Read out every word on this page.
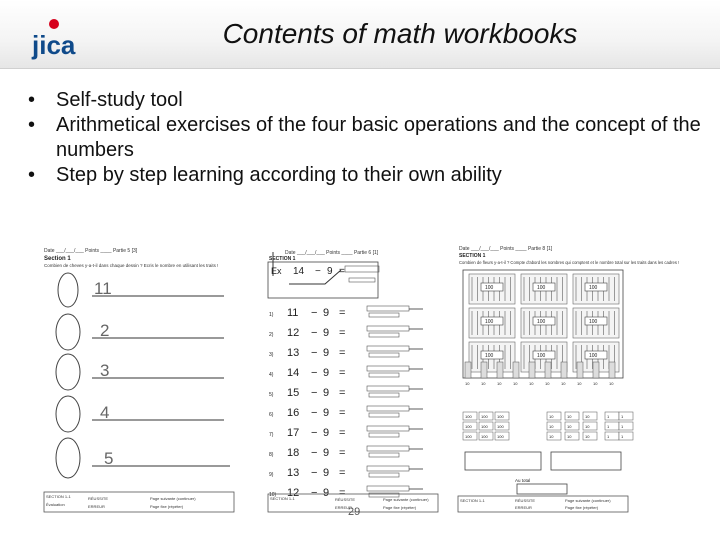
jica	Contents of math workbooks
• Self-study tool
• Arithmetical exercises of the four basic operations and the concept of the numbers
• Step by step learning according to their own ability
Date ___/___/___ Points ____ Partie 5 [3]
Section 1
Combien de cheves y-a-t-il dans chaque dessin ? Ecris le nombre en utilisant les traits !
11
2
3
4
5
SECTION 1-1
Évaluation
RÉUSSITE
ERREUR
Page suivante (continuer)
Page fixe (répéter)
Date ___/___/___ Points ____ Partie 6 [1]
SECTION 1
Ex 14 − 9 =
1) 11 − 9 =
2) 12 − 9 =
3) 13 − 9 =
4) 14 − 9 =
5) 15 − 9 =
6) 16 − 9 =
7) 17 − 9 =
8) 18 − 9 =
9) 13 − 9 =
10) 12 − 9 =
SECTION 1-1	RÉUSSITE
ERREUR
Page suivante (continuer)
Page fixe (répéter)
Date ___/___/___ Points ____ Partie 8 [1]
SECTION 1
Combien de fleurs y-a-t-il ? Compte d'abord les nombres qui comptent et le nombre total sur les traits dans les cadres !
100	100	100
100	100	100
100	100	100
10	10	10	10	10	10	10	10	10	10
100 100 100	10	10	10	1	1
100 100 100	10	10	10	1	1
100 100 100	10	10	10	1	1
Au total
SECTION 1-1	RÉUSSITE
ERREUR
Page suivante (continuer)
Page fixe (répéter)
29
